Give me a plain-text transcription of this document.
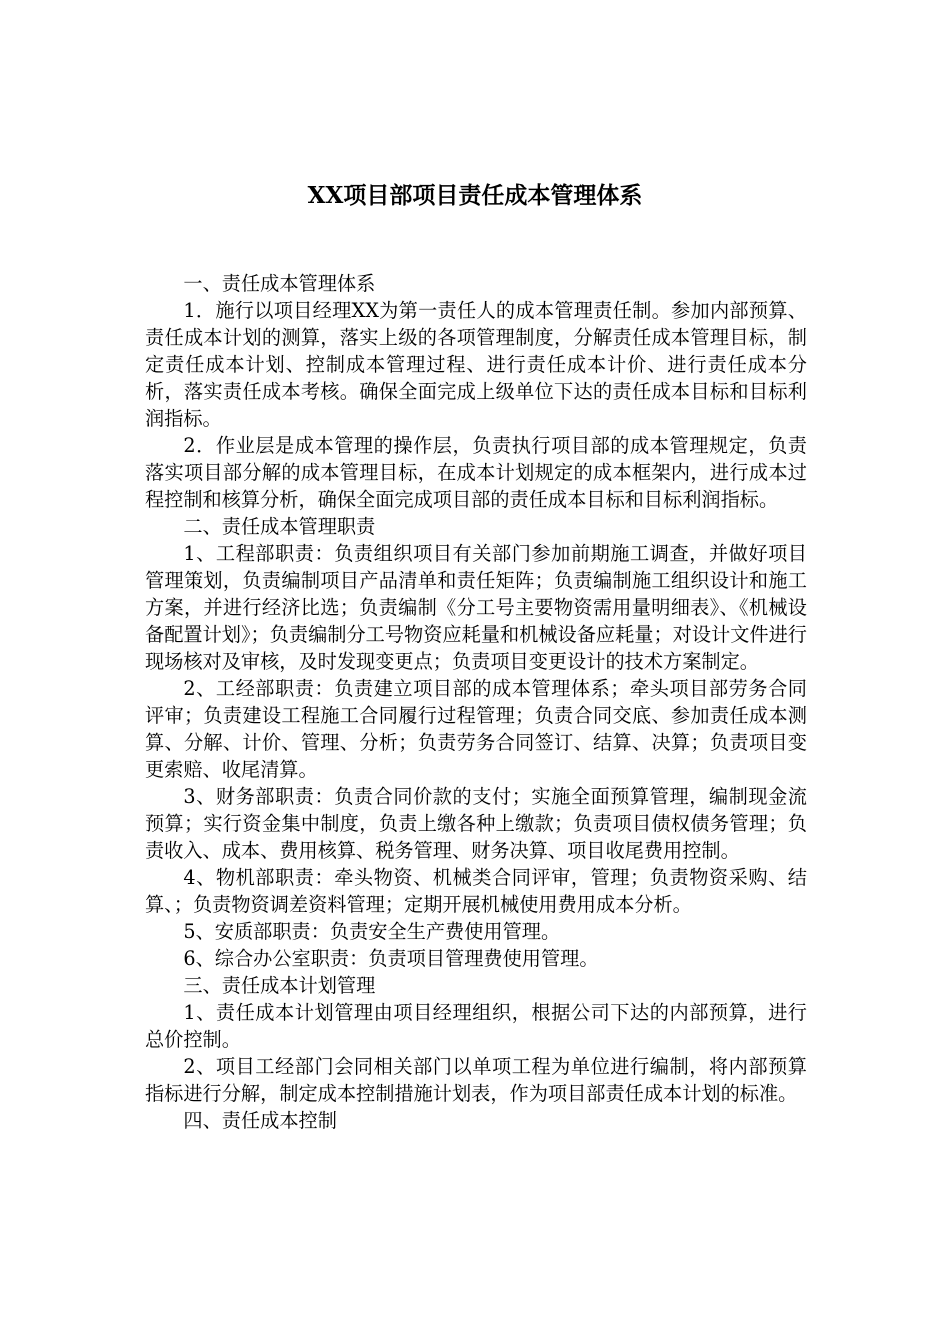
XX项目部项目责任成本管理体系

一、责任成本管理体系

1．施行以项目经理XX为第一责任人的成本管理责任制。参加内部预算、责任成本计划的测算，落实上级的各项管理制度，分解责任成本管理目标，制定责任成本计划、控制成本管理过程、进行责任成本计价、进行责任成本分析，落实责任成本考核。确保全面完成上级单位下达的责任成本目标和目标利润指标。

2．作业层是成本管理的操作层，负责执行项目部的成本管理规定，负责落实项目部分解的成本管理目标，在成本计划规定的成本框架内，进行成本过程控制和核算分析，确保全面完成项目部的责任成本目标和目标利润指标。

二、责任成本管理职责

1、工程部职责：负责组织项目有关部门参加前期施工调查，并做好项目管理策划，负责编制项目产品清单和责任矩阵；负责编制施工组织设计和施工方案，并进行经济比选；负责编制《分工号主要物资需用量明细表》、《机械设备配置计划》；负责编制分工号物资应耗量和机械设备应耗量；对设计文件进行现场核对及审核，及时发现变更点；负责项目变更设计的技术方案制定。

2、工经部职责：负责建立项目部的成本管理体系；牵头项目部劳务合同评审；负责建设工程施工合同履行过程管理；负责合同交底、参加责任成本测算、分解、计价、管理、分析；负责劳务合同签订、结算、决算；负责项目变更索赔、收尾清算。

3、财务部职责：负责合同价款的支付；实施全面预算管理，编制现金流预算；实行资金集中制度，负责上缴各种上缴款；负责项目债权债务管理；负责收入、成本、费用核算、税务管理、财务决算、项目收尾费用控制。

4、物机部职责：牵头物资、机械类合同评审，管理；负责物资采购、结算、；负责物资调差资料管理；定期开展机械使用费用成本分析。

5、安质部职责：负责安全生产费使用管理。

6、综合办公室职责：负责项目管理费使用管理。

三、责任成本计划管理

1、责任成本计划管理由项目经理组织，根据公司下达的内部预算，进行总价控制。

2、项目工经部门会同相关部门以单项工程为单位进行编制，将内部预算指标进行分解，制定成本控制措施计划表，作为项目部责任成本计划的标准。

四、责任成本控制
